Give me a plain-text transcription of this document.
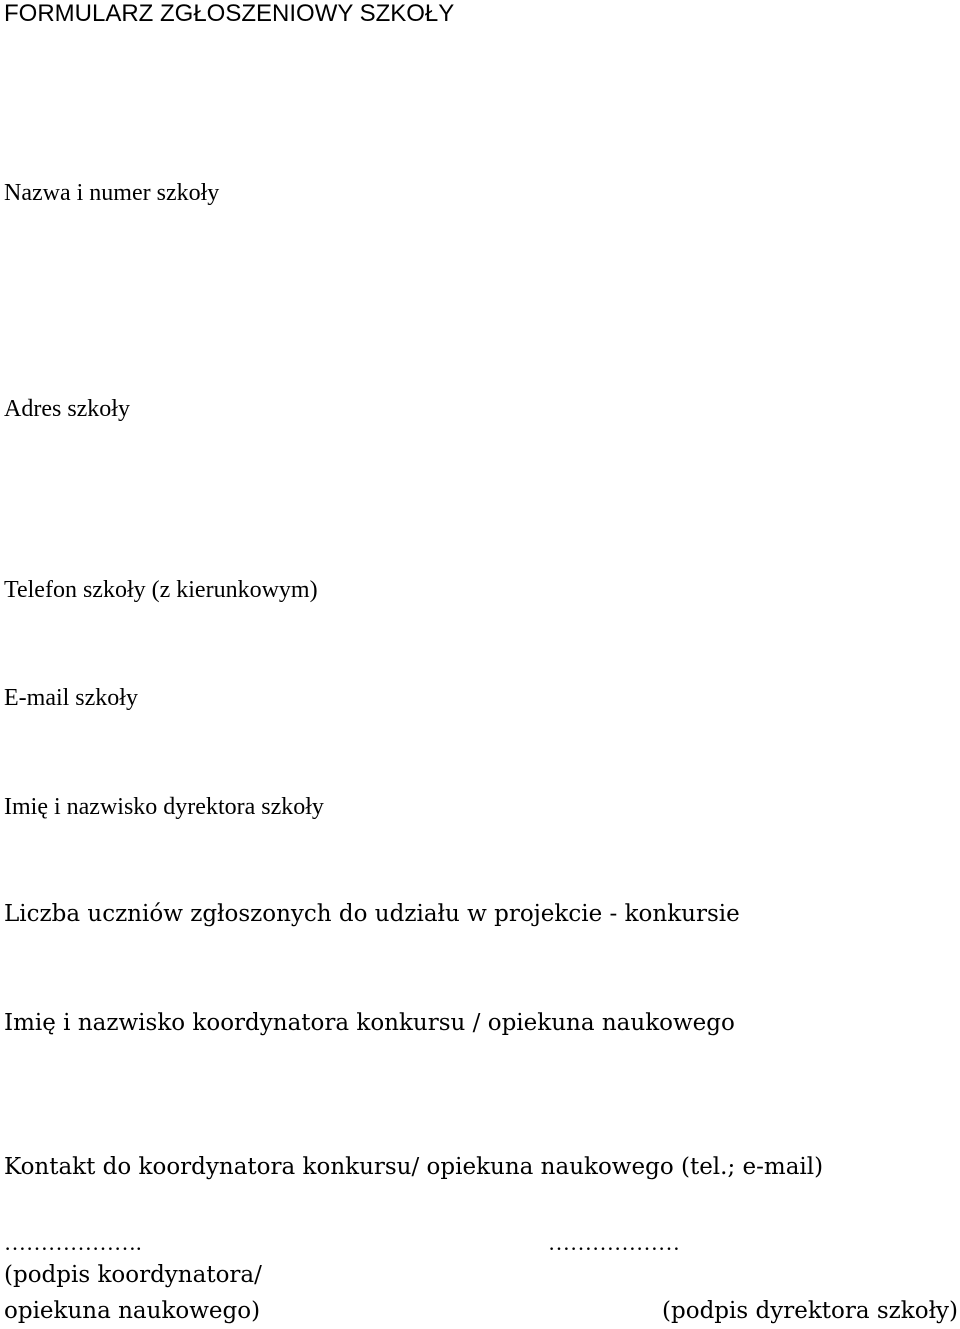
FORMULARZ ZGŁOSZENIOWY SZKOŁY
Nazwa i numer szkoły
Adres szkoły
Telefon szkoły (z kierunkowym)
E-mail szkoły
Imię i nazwisko dyrektora szkoły
Liczba uczniów zgłoszonych do udziału w projekcie - konkursie
Imię i nazwisko koordynatora konkursu / opiekuna naukowego
Kontakt do koordynatora konkursu/ opiekuna naukowego (tel.; e-mail)
……………….	………………
(podpis koordynatora/
opiekuna naukowego)	(podpis dyrektora szkoły)
